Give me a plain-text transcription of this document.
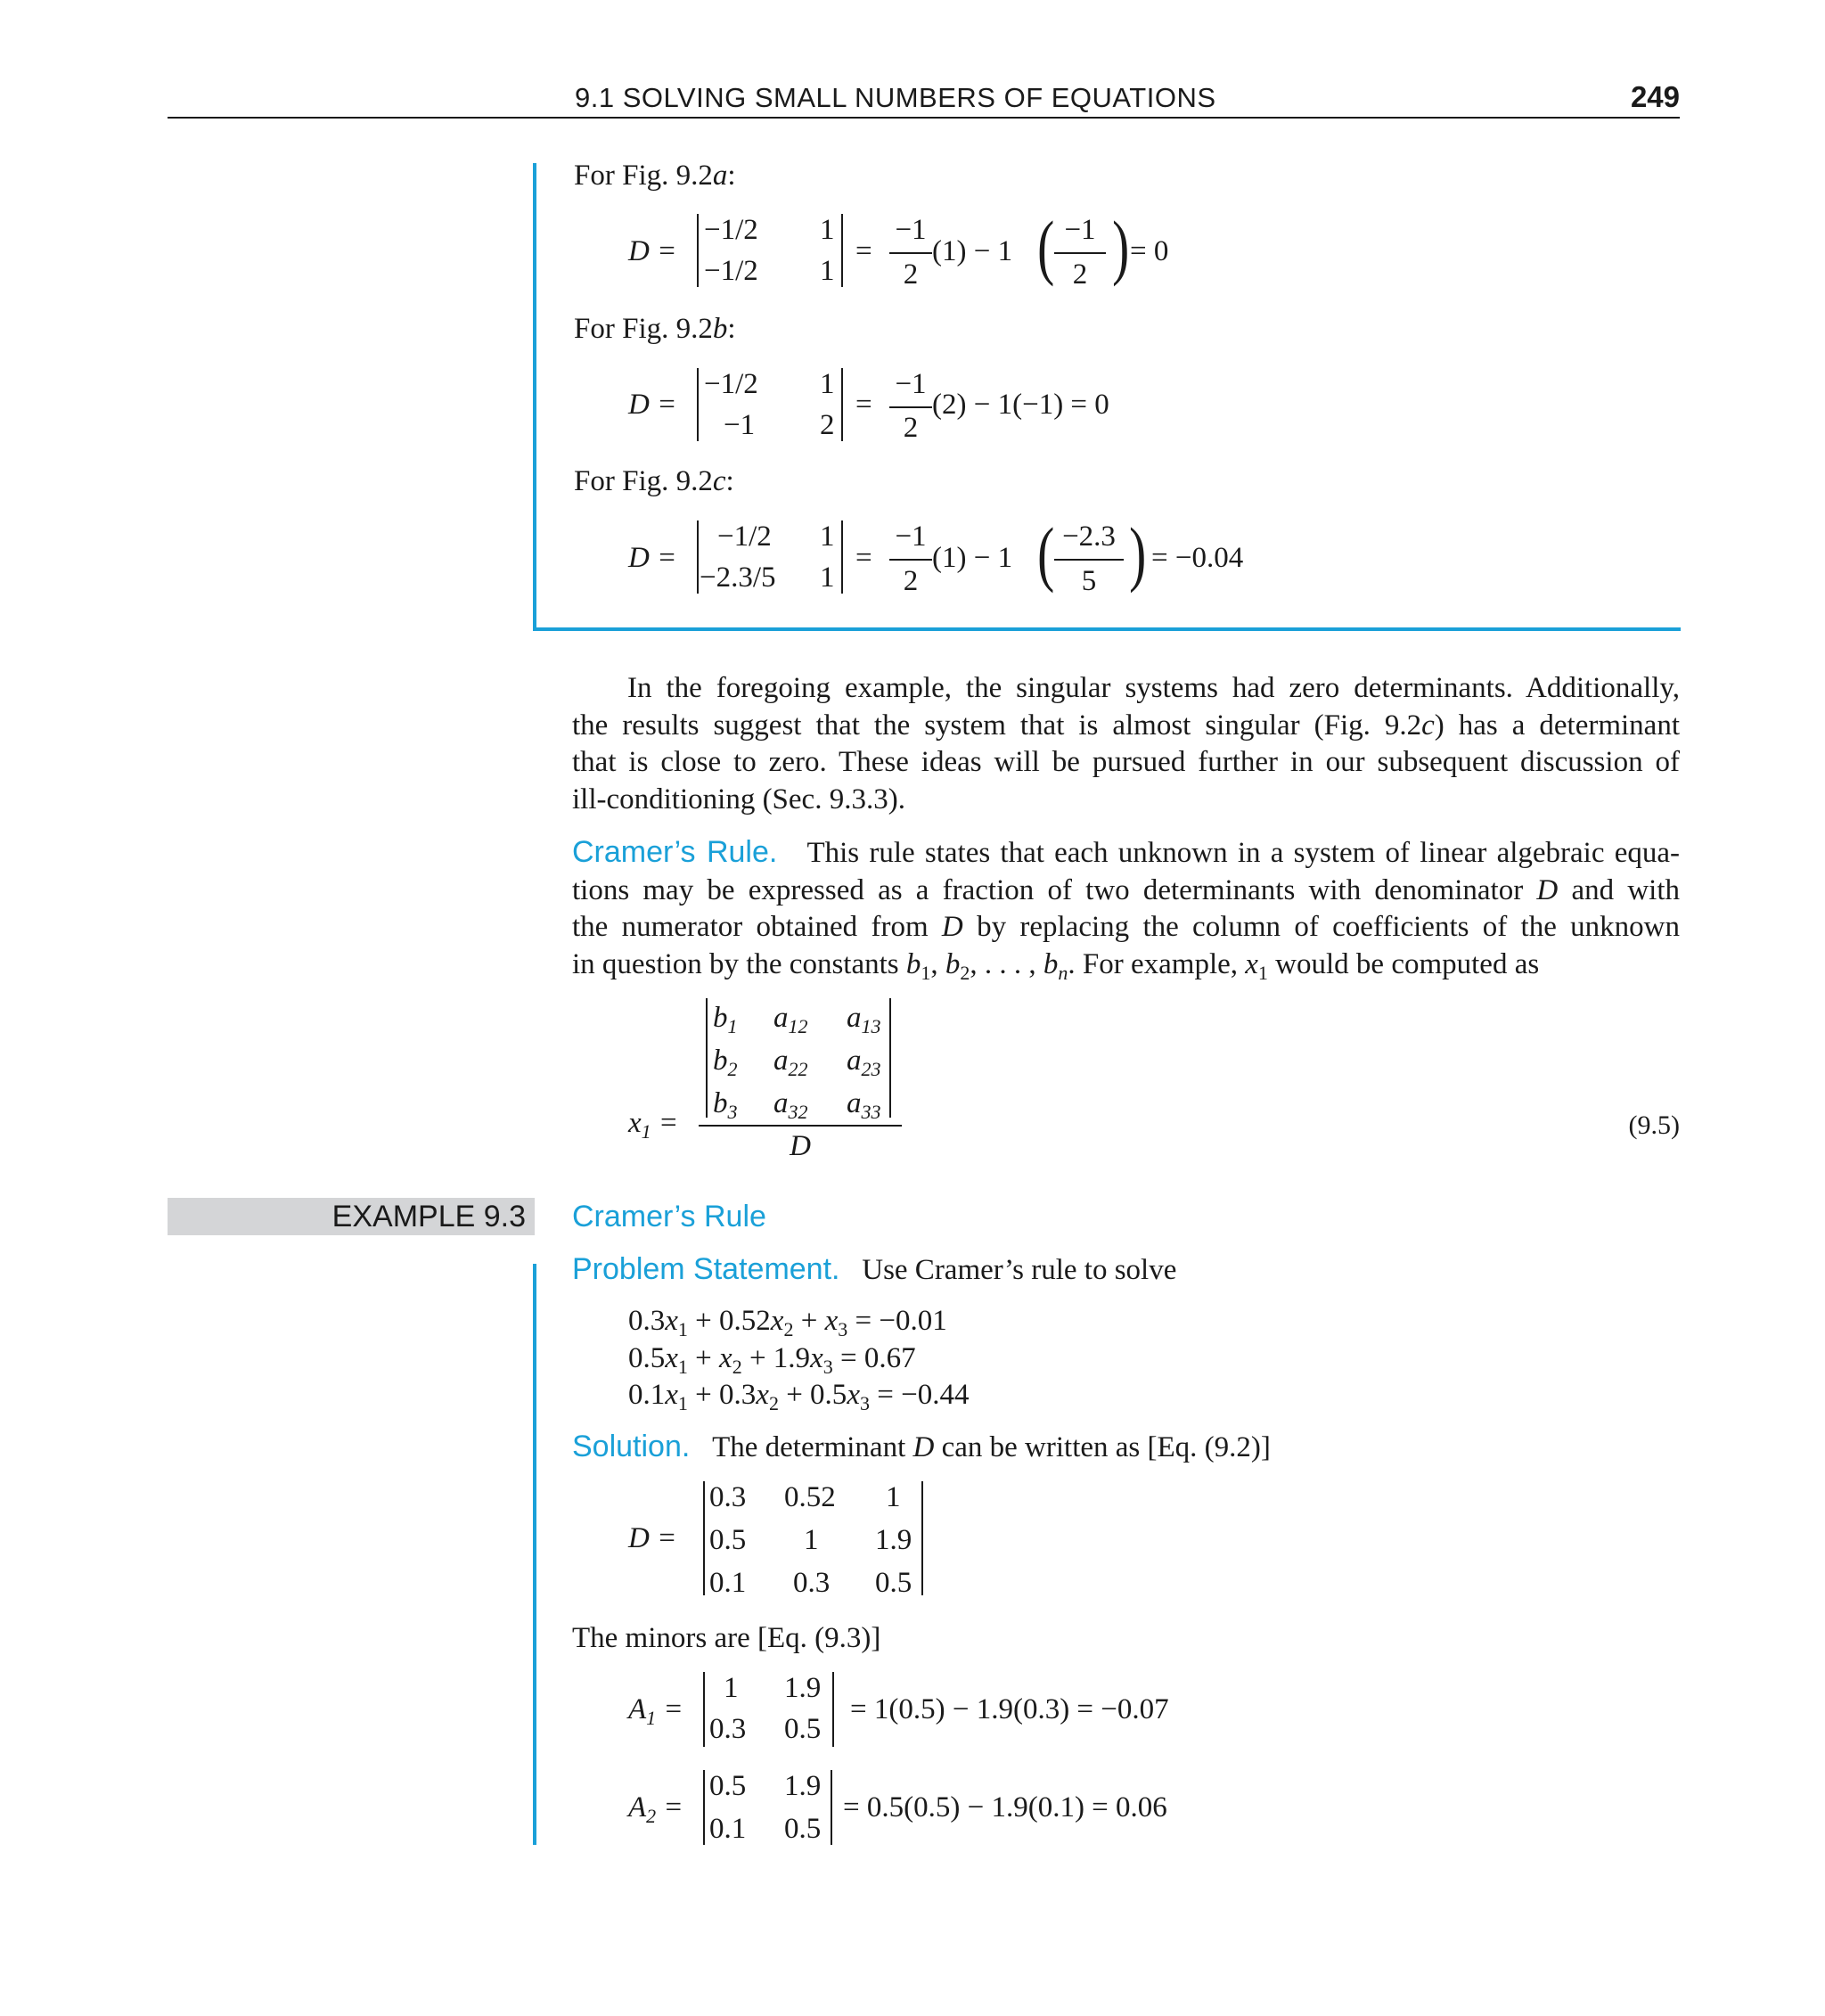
9.1 SOLVING SMALL NUMBERS OF EQUATIONS	249
For Fig. 9.2a:
D =
−1/2 1
−1/2 1
=
−1
2
(1) − 1 ( −1
2 ) = 0
For Fig. 9.2b:
D =
−1/2 1
−1 2
=
−1
2
(2) − 1(−1) = 0
For Fig. 9.2c:
D =
−1/2 1
−2.3/5 1
=
−1
2
(1) − 1 ( −2.3
5 ) = −0.04
In the foregoing example, the singular systems had zero determinants. Additionally,
the results suggest that the system that is almost singular (Fig. 9.2c) has a determinant
that is close to zero. These ideas will be pursued further in our subsequent discussion of
ill-conditioning (Sec. 9.3.3).
Cramer’s Rule. This rule states that each unknown in a system of linear algebraic equa-
tions may be expressed as a fraction of two determinants with denominator D and with
the numerator obtained from D by replacing the column of coefficients of the unknown
in question by the constants $b_1$, $b_2$, . . . , $b_n$. For example, $x_1$ would be computed as
$x_1$ =
$b_1$ $a_{12}$ $a_{13}$
$b_2$ $a_{22}$ $a_{23}$
$b_3$ $a_{32}$ $a_{33}$
D
(9.5)
EXAMPLE 9.3 Cramer’s Rule
Problem Statement. Use Cramer’s rule to solve
$0.3x_1 + 0.52x_2 + x_3 = -0.01$
$0.5x_1 + x_2 + 1.9x_3 = 0.67$
$0.1x_1 + 0.3x_2 + 0.5x_3 = -0.44$
Solution. The determinant D can be written as [Eq. (9.2)]
D =
0.3 0.52 1
0.5 1 1.9
0.1 0.3 0.5
The minors are [Eq. (9.3)]
$A_1$ =
1 1.9
0.3 0.5
= 1(0.5) − 1.9(0.3) = −0.07
$A_2$ =
0.5 1.9
0.1 0.5
= 0.5(0.5) − 1.9(0.1) = 0.06
